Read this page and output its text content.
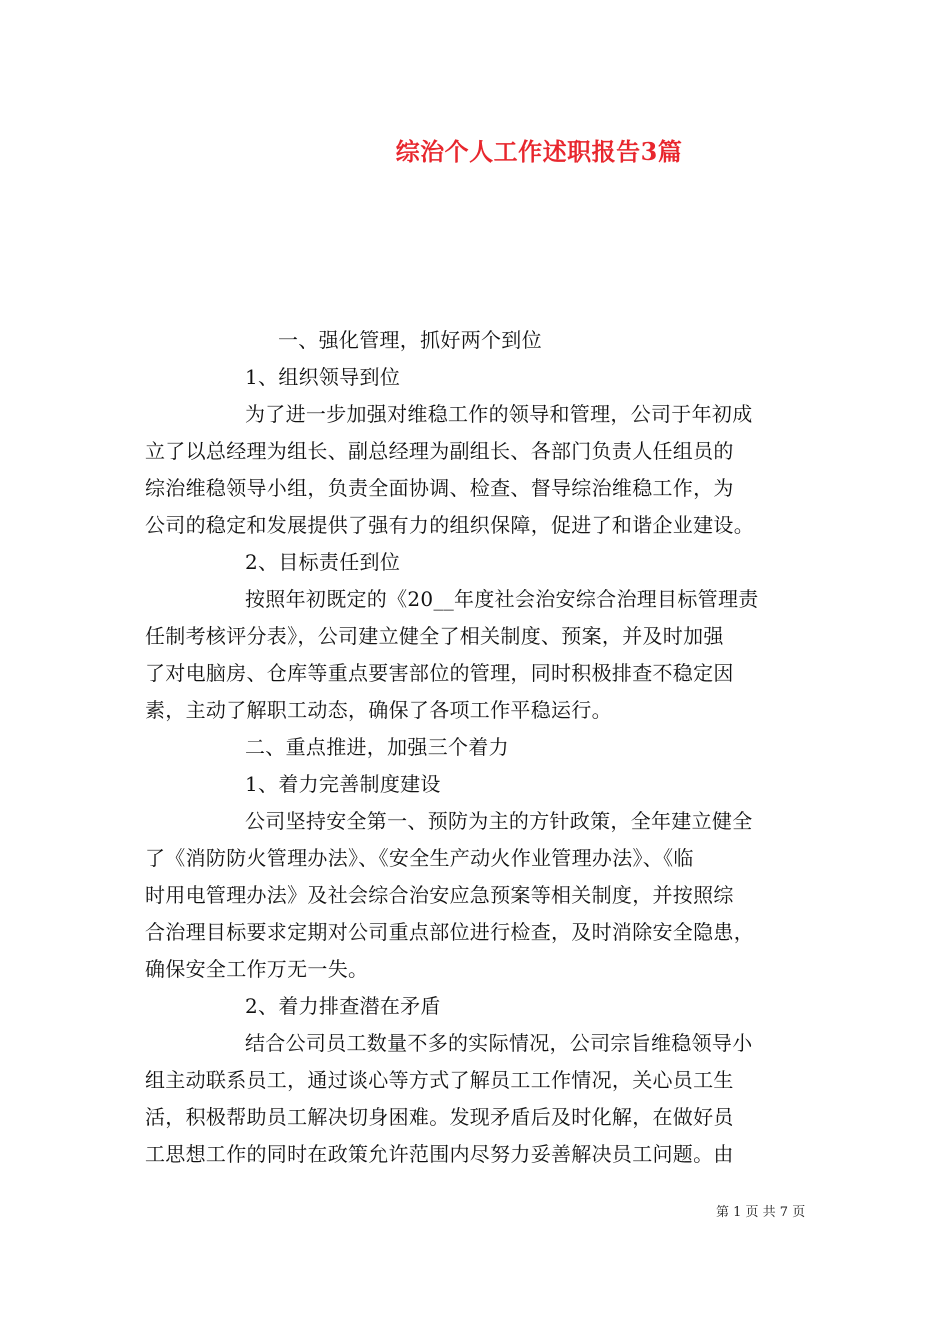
综治个人工作述职报告3篇
一、强化管理，抓好两个到位
1、组织领导到位
为了进一步加强对维稳工作的领导和管理，公司于年初成
立了以总经理为组长、副总经理为副组长、各部门负责人任组员的
综治维稳领导小组，负责全面协调、检查、督导综治维稳工作，为
公司的稳定和发展提供了强有力的组织保障，促进了和谐企业建设。
2、目标责任到位
按照年初既定的《20__年度社会治安综合治理目标管理责
任制考核评分表》，公司建立健全了相关制度、预案，并及时加强
了对电脑房、仓库等重点要害部位的管理，同时积极排查不稳定因
素，主动了解职工动态，确保了各项工作平稳运行。
二、重点推进，加强三个着力
1、着力完善制度建设
公司坚持安全第一、预防为主的方针政策，全年建立健全
了《消防防火管理办法》、《安全生产动火作业管理办法》、《临
时用电管理办法》及社会综合治安应急预案等相关制度，并按照综
合治理目标要求定期对公司重点部位进行检查，及时消除安全隐患，
确保安全工作万无一失。
2、着力排查潜在矛盾
结合公司员工数量不多的实际情况，公司宗旨维稳领导小
组主动联系员工，通过谈心等方式了解员工工作情况，关心员工生
活，积极帮助员工解决切身困难。发现矛盾后及时化解，在做好员
工思想工作的同时在政策允许范围内尽努力妥善解决员工问题。由
第 1 页 共 7 页
